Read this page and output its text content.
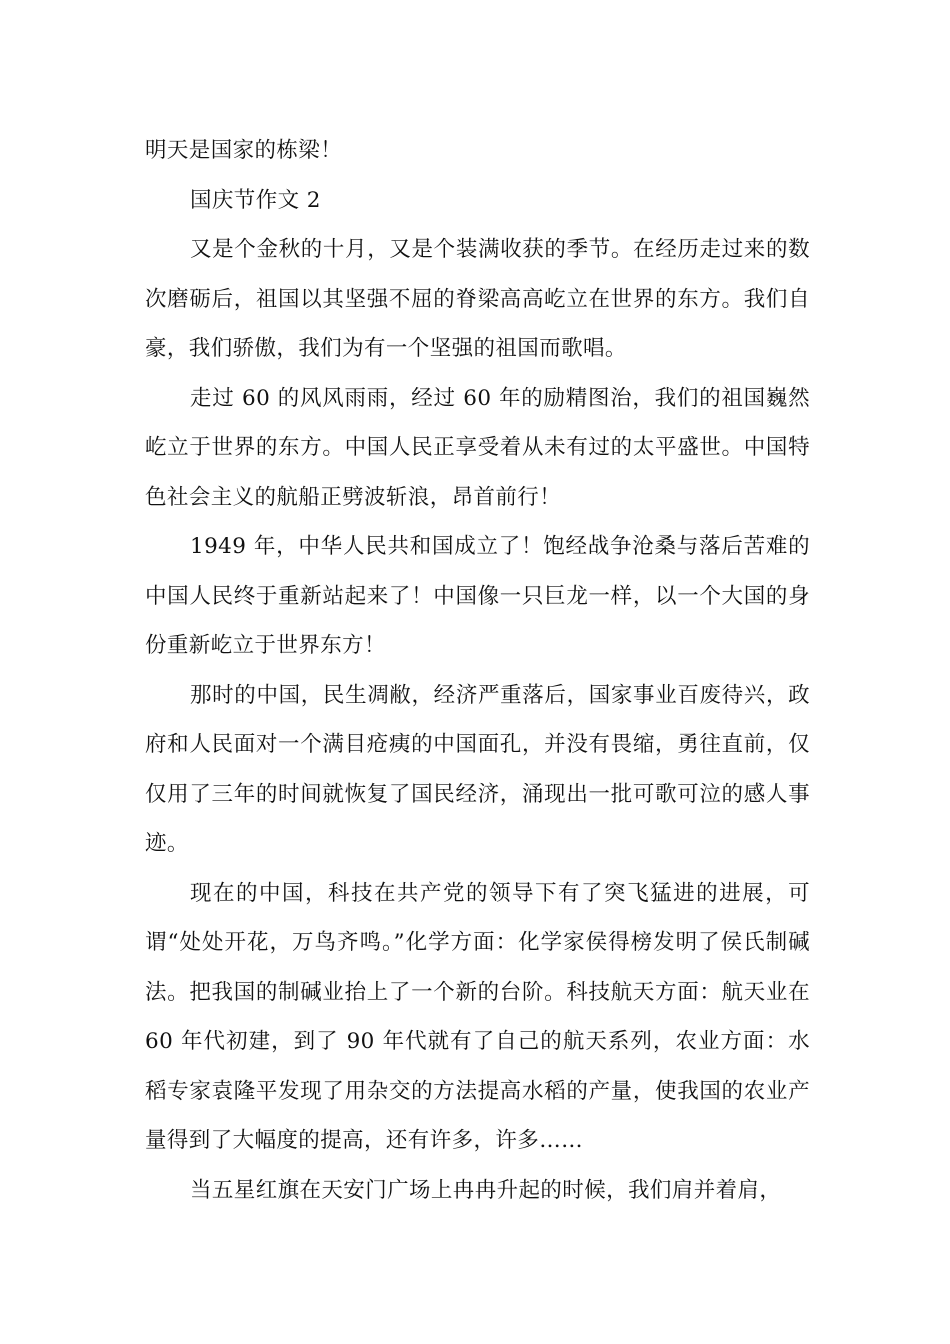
明天是国家的栋梁！

国庆节作文 2

又是个金秋的十月，又是个装满收获的季节。在经历走过来的数次磨砺后，祖国以其坚强不屈的脊梁高高屹立在世界的东方。我们自豪，我们骄傲，我们为有一个坚强的祖国而歌唱。

走过 60 的风风雨雨，经过 60 年的励精图治，我们的祖国巍然屹立于世界的东方。中国人民正享受着从未有过的太平盛世。中国特色社会主义的航船正劈波斩浪，昂首前行！

1949 年，中华人民共和国成立了！饱经战争沧桑与落后苦难的中国人民终于重新站起来了！中国像一只巨龙一样，以一个大国的身份重新屹立于世界东方！

那时的中国，民生凋敝，经济严重落后，国家事业百废待兴，政府和人民面对一个满目疮痍的中国面孔，并没有畏缩，勇往直前，仅仅用了三年的时间就恢复了国民经济，涌现出一批可歌可泣的感人事迹。

现在的中国，科技在共产党的领导下有了突飞猛进的进展，可谓“处处开花，万鸟齐鸣。”化学方面：化学家侯得榜发明了侯氏制碱法。把我国的制碱业抬上了一个新的台阶。科技航天方面：航天业在 60 年代初建，到了 90 年代就有了自己的航天系列，农业方面：水稻专家袁隆平发现了用杂交的方法提高水稻的产量，使我国的农业产量得到了大幅度的提高，还有许多，许多……

当五星红旗在天安门广场上冉冉升起的时候，我们肩并着肩，
